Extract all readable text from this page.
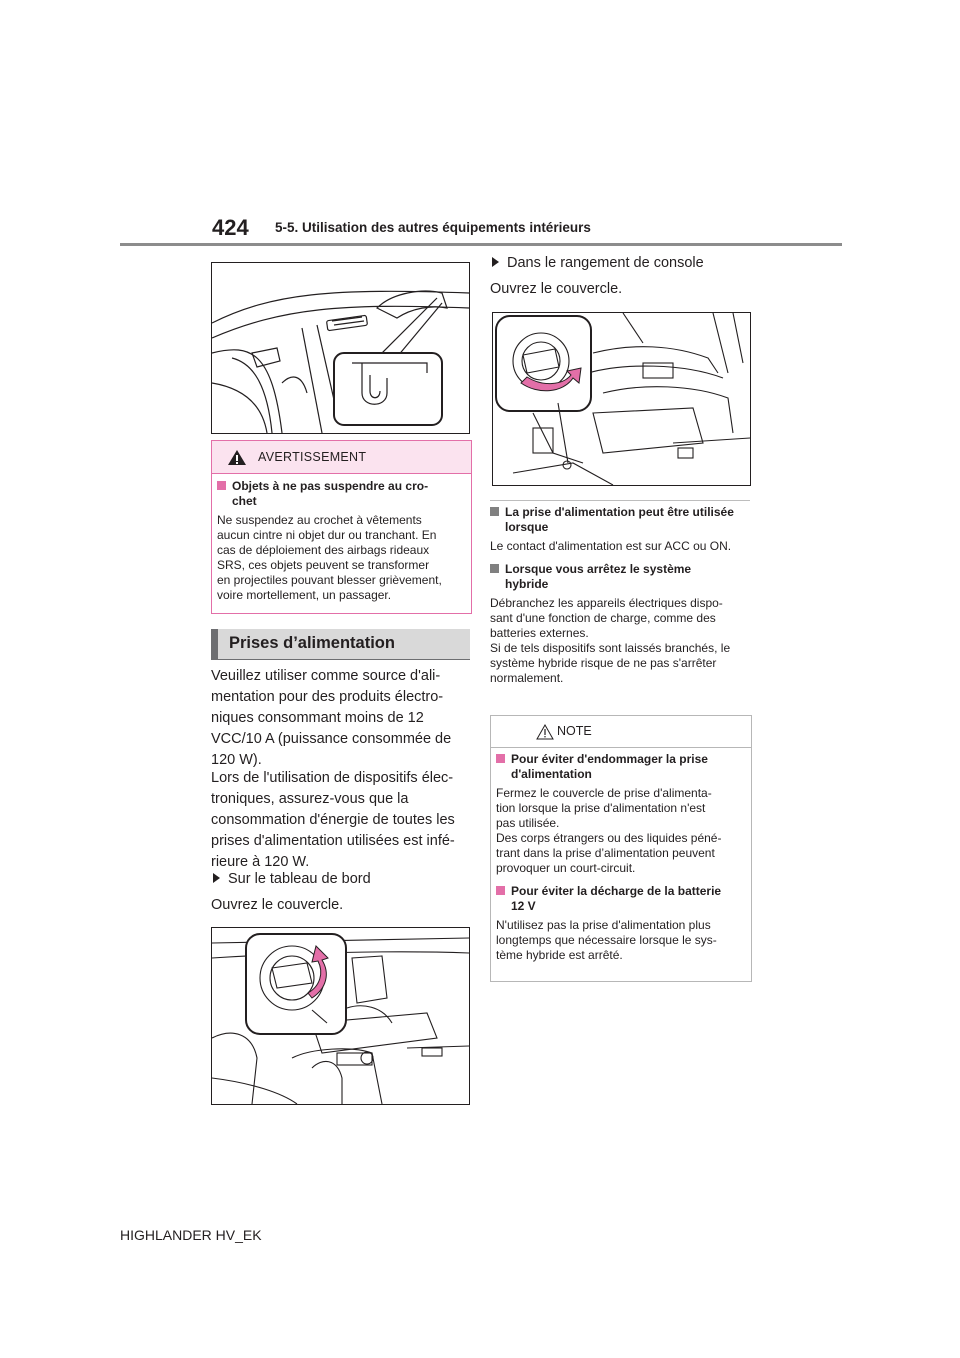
424 5-5. Utilisation des autres équipements intérieurs
AVERTISSEMENT
Objets à ne pas suspendre au cro-
chet
Ne suspendez au crochet à vêtements
aucun cintre ni objet dur ou tranchant. En
cas de déploiement des airbags rideaux
SRS, ces objets peuvent se transformer
en projectiles pouvant blesser grièvement,
voire mortellement, un passager.
Prises d’alimentation
Veuillez utiliser comme source d'ali-
mentation pour des produits électro-
niques consommant moins de 12
VCC/10 A (puissance consommée de
120 W).
Lors de l'utilisation de dispositifs élec-
troniques, assurez-vous que la
consommation d'énergie de toutes les
prises d'alimentation utilisées est infé-
rieure à 120 W.
Sur le tableau de bord
Ouvrez le couvercle.
Dans le rangement de console
Ouvrez le couvercle.
La prise d'alimentation peut être utilisée
lorsque
Le contact d'alimentation est sur ACC ou ON.
Lorsque vous arrêtez le système
hybride
Débranchez les appareils électriques dispo-
sant d'une fonction de charge, comme des
batteries externes.
Si de tels dispositifs sont laissés branchés, le
système hybride risque de ne pas s'arrêter
normalement.
NOTE
Pour éviter d'endommager la prise
d'alimentation
Fermez le couvercle de prise d'alimenta-
tion lorsque la prise d'alimentation n'est
pas utilisée.
Des corps étrangers ou des liquides péné-
trant dans la prise d’alimentation peuvent
provoquer un court-circuit.
Pour éviter la décharge de la batterie
12 V
N'utilisez pas la prise d'alimentation plus
longtemps que nécessaire lorsque le sys-
tème hybride est arrêté.
HIGHLANDER HV_EK
